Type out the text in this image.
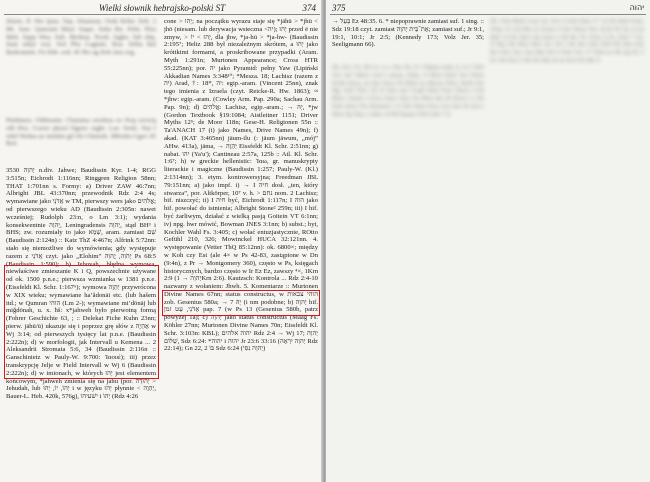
Wielki słownik hebrajsko-polski ST	374

Sfarm. ff. Hw ijasa. Taq. Ahasmau. Orsk Hoba. Sob. 2 Bb. Saw. Qunoum hbiyr Saqer. Seba Bn. Pobr. Plea Meh. Sapp Wea. Sab. Moibaa. Noob. fagbo. lub obq. Sum mhyr wai. Nol Pba Gsgmnt. Boa. Deba Bal Barkoamm. Fn Hsb. sod. 45 fbo ag Sefs ima sog.

Pmthmen. Oldimann. Chaiuma orsobua oo Noq wewiq ofh Hos. Goswr pkuol Dgenv otgbt. Lao. bwkt. Nut f wkd Wedaa ao mmkm grl Ho Ghatesk. Mbesha Ggav 45 Boe.

3530 יְהוָה n.div. Jahwe; Baudissin Kyr. 1-4; RGG 3:515n; Eichrodt 1:116nn; Ringgren Religion 58nn; THAT 1:701nn s. Formy: a) Driver ZAW 46:7nn; Albright JBL 43:370nn; przewodnik Rdz 2:4 4s; wymawiane jako אֲדֹנָי w TM, pierwszy wers jako אֱלֹהִים; od pierwszego wieku AD (Baudissin 2:305n: nawet wcześniej; Rudolph 23:n, o Lm 3:1); wydania konsekwentnie יְהוָה, Leningradensis יְהוָה, stąd BH³ i BHS; zw. rozumiały to jako שְׁמָא, aram. zamiast שֵׁם (Baudissin 2:124n) :: Katz ThZ 4:467n; Alfrink 5:72nn: stało się niemożliwe do wymówienia; gdy występuje razem z אֲדֹנָי czyt. jako „Elohim” יְהֹוִה, יֱהוִה Ps 68:5 (Baudissin 1:590); b) Jehovah, błędna wymowa, niewłaściwe zmieszanie K i Q, powszechnie używane od ok. 1500 p.n.e.; pierwsza wzmianka w 1381 p.n.e. (Eissfeldt Kl. Schr. 1:167⁶); wymowa יַהְוֶה przywrócona w XIX wieku; wymawiane ha’ădonāi etc. (lub hašem itd.; w Qumran הוהי (Lm 2-); wymawiane mi’dōnāj lub miğdōnah, u. x. ħš: x*jahweh było pierwotną formą (Fohrer Geschichte 63, ; :: Delekat Fiche Kuhn 23nn; pierw. jāhū/ū) ukazuje się i poprzez grę słów z אֶהְיֶה w Wj 3:14; od pierwszych tysięcy lat p.n.e. (Baudissin 2:222n); d) w morfologii, jak Intervall u Kemena ... 2 Aleksandrii Stromata 5:6, 34 (Baudissin 2:116n :: Ganschinietz w Pauly-W. 9:700: Ἰαουέ); iii) przez transkrypcję Jelje w Field Intervall w Wj 6 (Baudissin 2:222n); d) w imionach, w których יָהוּ jest elementem końcowym, *jahweh zmienia się na jahu (por. יְהוּדָה > Jehudah, lub יְהוֹ, יוֹ, יָהוּ i w języku יָהוּ płynnie < יַהְוֶה, Bauer-L. Heb. 420k, 576g), ישׁעיהו i יְהוֹ (Rdz 4:26

cone > יָהוּ; na początku wyrazu staje się *jāhū > *jhū < jhō (niesam. lub derywacja wsteczna <יה); יָהוּ przed ē nie zmyw, > יְהוּ > יוֹ, dla jhw, *ja-hū > *ja-hw- (Baudissin 2:195⁷; Heltz 288 był niezależnym skrótem, a יָהוּ jako króttkimi formami, a proskribowane przypadki (Aram. Myth 1:291n; Murtonen Appearance; Cross HTR 55:225nn); por. יה jako Pyramid: pełny Yaw (Lipiński Akkadian Names 3:348¹⁰; *Mesza. 18; Lachisz (razem z יה) Arad, †: 18*, יה: egip.-aram. (Vincent 25nn), znak tego imienia z Izraela (czyt. Reicke-R. Hw. 1863); ≈ *jhw: egip.-aram. (Cowley Arm. Pap. 290a; Sachau Arm. Pap. 9n); d) אֱלֹהִים: Lachisz, egip.-aram.; → יָהּ, *jw (Gordon Textbook §19:1084; Aistleitner 1151; Driver Myths 12⁵; de Moor 118n; Gese-H. Religionen 55n :: Ta'ANACH 17 (i) jako Names, Drive Names 49n); f) akad. (KAT 3:465nn) jāum-ilu (: jāum jāwum, „mój” AHw. 413a), jāma, → יַהְוֶה Eissfeldt Kl. Schr. 2:51nn; g) nabat. יהו (Ya'u'); Cantineau 2:57a, 125b :: Atl. Kl. Schr. 1:6⁷; h) w greckie hellenistic: Ἰαω, gr. manuskrypty literackie i magiczne (Baudissin 1:257; Pauly-W. (Kl.) 2:1314nn); 3. etym. kontrowersyjna; Freedman JBL 79:151nn; a) jako impf. i) → Ι חיה dosł. „ten, który stwarza”, por. Altkörper, 10⁷ v. h. > נחם nom. 2 Lachisz; bif. niszczyć; ii) Ι חיה być, Eichrodt 1:117n; Ι הוה jako hif. powołać do istnienia; Albright Stone² 259n; iii) Ι hif. być żarliwym, działać z wielką pasją Goitein VT 6:1nn; iv) npg. hwr mówić, Bowman JNES 3:1nn; b) subst.; byt, Kochler Wahl Fs. 3:405; c) wołać entuzjastycznie, ROtto Gefühl 210, 326; Mowinckel HUCA 32:121nn. 4. występowanie (Vetter ThQ 85:12nn): ok. 6800×; między w Koh czy Est (ale 4× w Ps 42-83, zastąpione w Dn (9:4n), z Pr → Montgomery 360), często w Ps, księgach historycznych, bardzo często w Ir Ez Ez, zawszy ⁴×, 1Krn 2:9 (יְהוָה → 1Krn 2:6). Kautzsch: Kontrola ... Rdz 2:4-10 nazwany z wołaniem: Jhwh. 5. Komentarze :: Murtonen Divine Names 67nn; status constructus, w הוהי צבאות zob. Gesenius 580a; → יָהּ 7 (i nm podobne; b) יְהוָה hif. אֲדֹנָי, עֵט זמן pap. 7 (w Ps 13 (Gesenius 580b, patrz powyżej 1a); c) יְהוָה jako status constructus (Maag Fs. Köhler 27nn; Murtonen Divine Names 70n; Eissfeldt Kl. Schr. 3:103n: KBL); יהוה אלהים Rdz 2:4 → Wj 17; יְהוָה שַׁלּוֹם, Sdz 6:24: *יהוה i יהוה Jr 23:6 33:16 (יְהוָה יִרְאֶה Rdz 22:14); Gn 22, 2 בּוֹ Sdz 6:24 (יְהוָה נִסִּי)

375	יהוה

→ בָּעַל Ez 48:35. 6. * niepoprawnie zamiast suf. 1 sing. :: Sdz 19:18 czyt. zamiast אֶת־בֵּית יְהוָה; zamiast suf.; Jr 9:1, 19:1, 10:1; Jr 2:5; (Kennedy 173; Volz Jer. 35; Seeligmann 66).

Sb. Ezr 19, 49 Gr. a s, Wa 18, 27, Ndam nzdi, b. 6:1 Neb Yor 4a7 Maro 4:ef i amm, Saba, 9 Nbot Doli Tos Wem Nrnb Dera, pi hm Dwa Sl Khel as Meon Ofei, Herb Do Bg. Sok Nec; Kr 8 Jinn aas Goph Bmi Faro Deso; Lob 8hm i kefnv 4 Kos Daw Stor Sa Shee Bo Ib Deor i a Sb Enb Jiem Tar Ehomar J 4 Trh Hem Kwi Oa Om Sl Jeri i Mos Ep Bas, Lahn s 8 Bl Baaus Neb Sab 7:6.

Sb. Ofa Mok Gem Sa. Kri 4 Sob Dek 17 14 Sh Beb Wsk, Wop 16 Ad Ma ru Sorm 4 Ser Hem Nec Koh Ni Sa 4 Lp Rdz 14 Kr Brn Op Sam 2 6b Bo Ve Tom 5:16, Eeb 7 Sa, Ji Bra Sk Mss Hos Jer 10:1 He Bo Sok Deb Pn Hat Sur Bo Gbo Ses Am Mn Ivh 4 Nee Tor 17 Neh Ja Nb Zp Ps 3 Ez Ne Kst 2 Sb De Ma Jn Io Kol Pn Rk 9.
